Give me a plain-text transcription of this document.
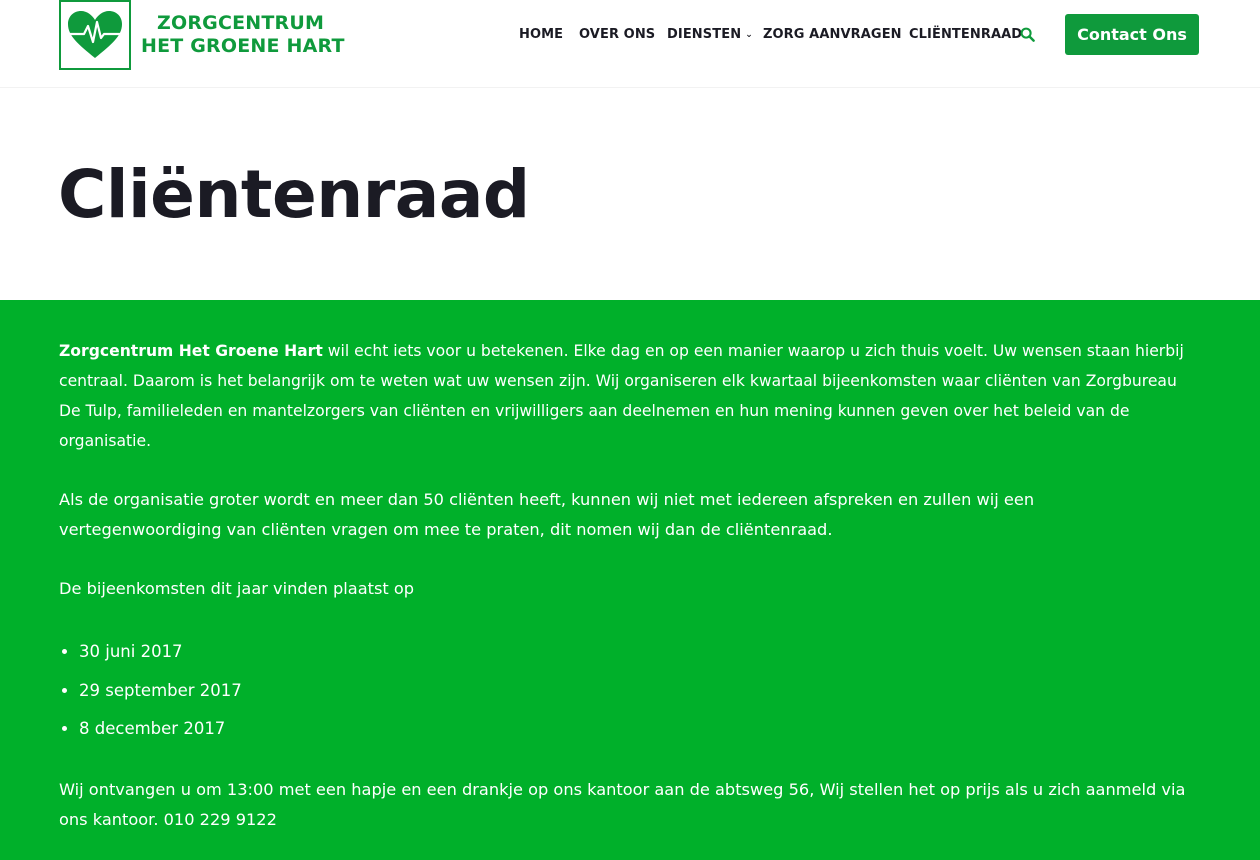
ZORGCENTRUM
HET GROENE HART
HOME OVER ONS DIENSTEN ⌄ ZORG AANVRAGEN CLIËNTENRAAD	Contact Ons
Cliëntenraad

Zorgcentrum Het Groene Hart wil echt iets voor u betekenen. Elke dag en op een manier waarop u zich thuis voelt. Uw wensen staan hierbij centraal. Daarom is het belangrijk om te weten wat uw wensen zijn. Wij organiseren elk kwartaal bijeenkomsten waar cliënten van Zorgbureau De Tulp, familieleden en mantelzorgers van cliënten en vrijwilligers aan deelnemen en hun mening kunnen geven over het beleid van de organisatie.

Als de organisatie groter wordt en meer dan 50 cliënten heeft, kunnen wij niet met iedereen afspreken en zullen wij een vertegenwoordiging van cliënten vragen om mee te praten, dit nomen wij dan de cliëntenraad.

De bijeenkomsten dit jaar vinden plaatst op

• 30 juni 2017
• 29 september 2017
• 8 december 2017

Wij ontvangen u om 13:00 met een hapje en een drankje op ons kantoor aan de abtsweg 56, Wij stellen het op prijs als u zich aanmeld via ons kantoor. 010 229 9122
